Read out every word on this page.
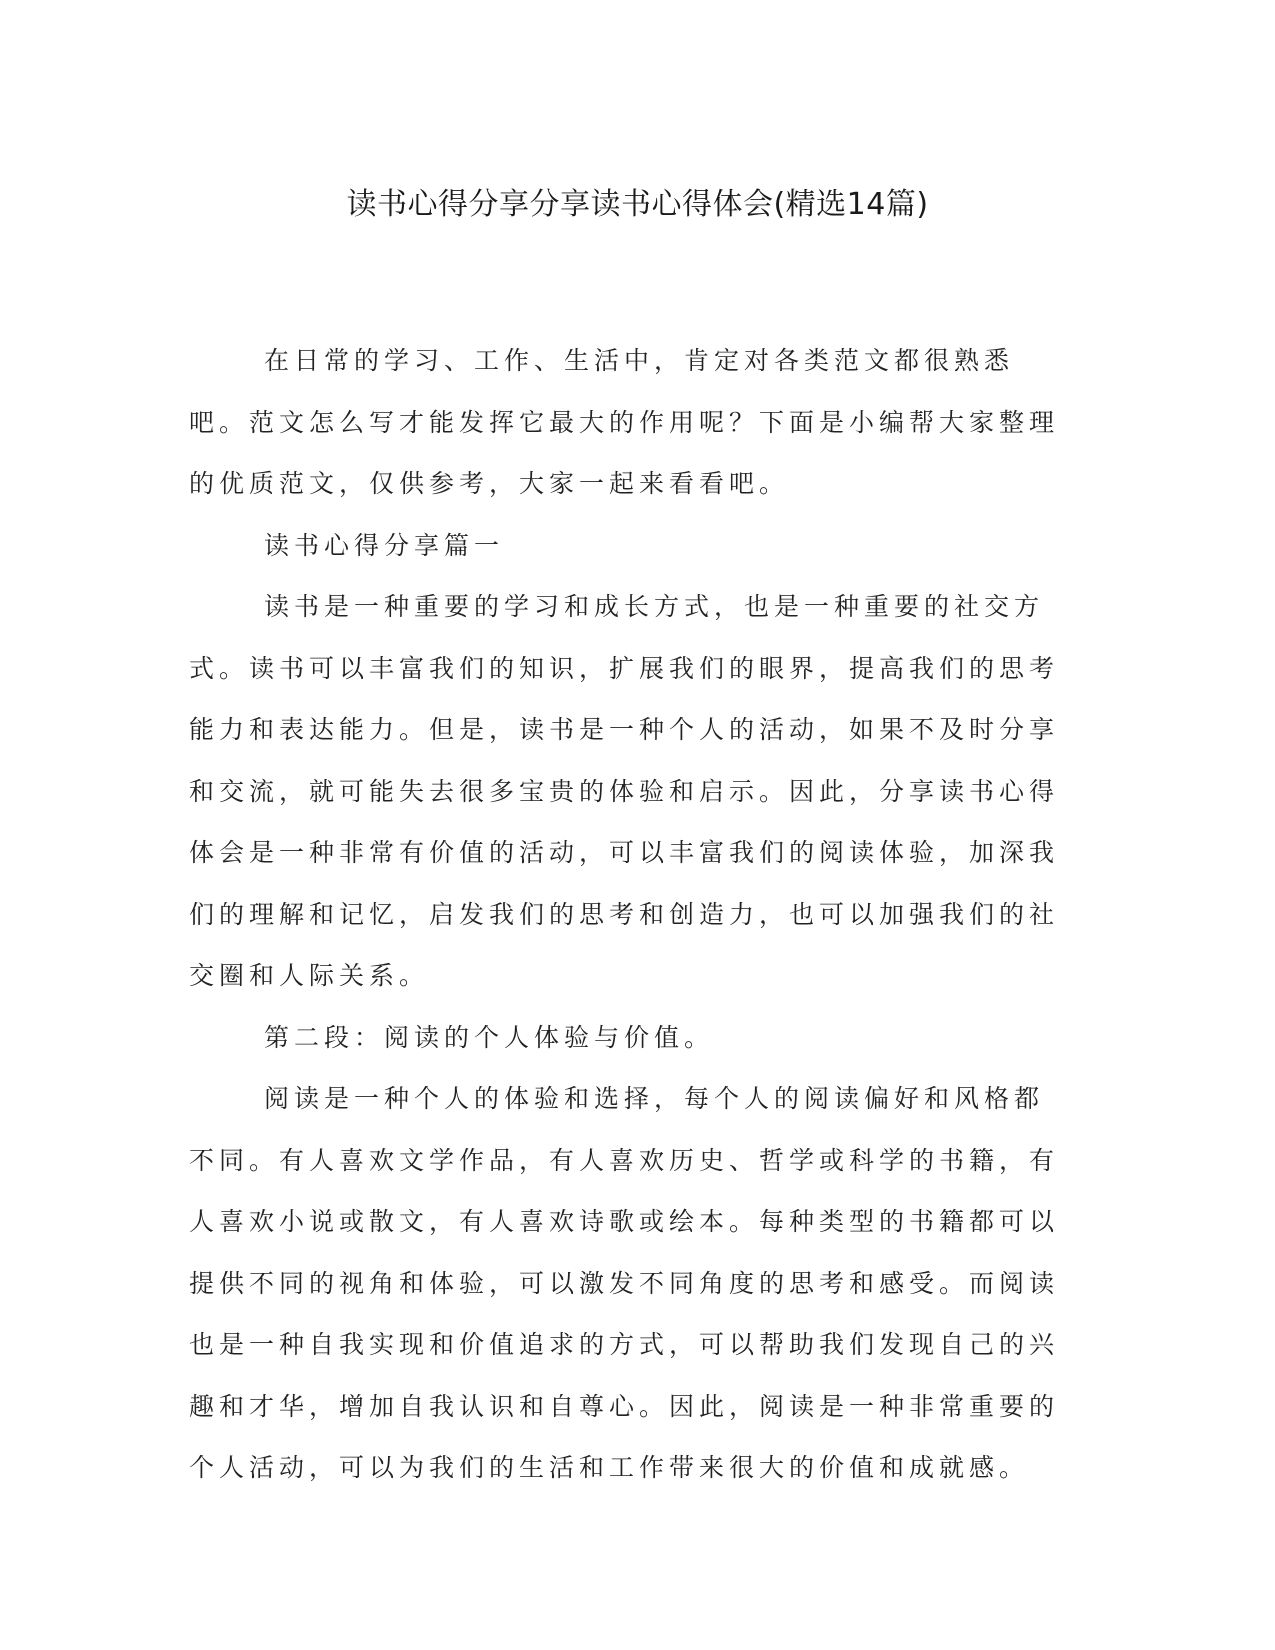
读书心得分享分享读书心得体会(精选14篇)

在日常的学习、工作、生活中，肯定对各类范文都很熟悉吧。范文怎么写才能发挥它最大的作用呢？下面是小编帮大家整理的优质范文，仅供参考，大家一起来看看吧。

读书心得分享篇一

读书是一种重要的学习和成长方式，也是一种重要的社交方式。读书可以丰富我们的知识，扩展我们的眼界，提高我们的思考能力和表达能力。但是，读书是一种个人的活动，如果不及时分享和交流，就可能失去很多宝贵的体验和启示。因此，分享读书心得体会是一种非常有价值的活动，可以丰富我们的阅读体验，加深我们的理解和记忆，启发我们的思考和创造力，也可以加强我们的社交圈和人际关系。

第二段：阅读的个人体验与价值。

阅读是一种个人的体验和选择，每个人的阅读偏好和风格都不同。有人喜欢文学作品，有人喜欢历史、哲学或科学的书籍，有人喜欢小说或散文，有人喜欢诗歌或绘本。每种类型的书籍都可以提供不同的视角和体验，可以激发不同角度的思考和感受。而阅读也是一种自我实现和价值追求的方式，可以帮助我们发现自己的兴趣和才华，增加自我认识和自尊心。因此，阅读是一种非常重要的个人活动，可以为我们的生活和工作带来很大的价值和成就感。
